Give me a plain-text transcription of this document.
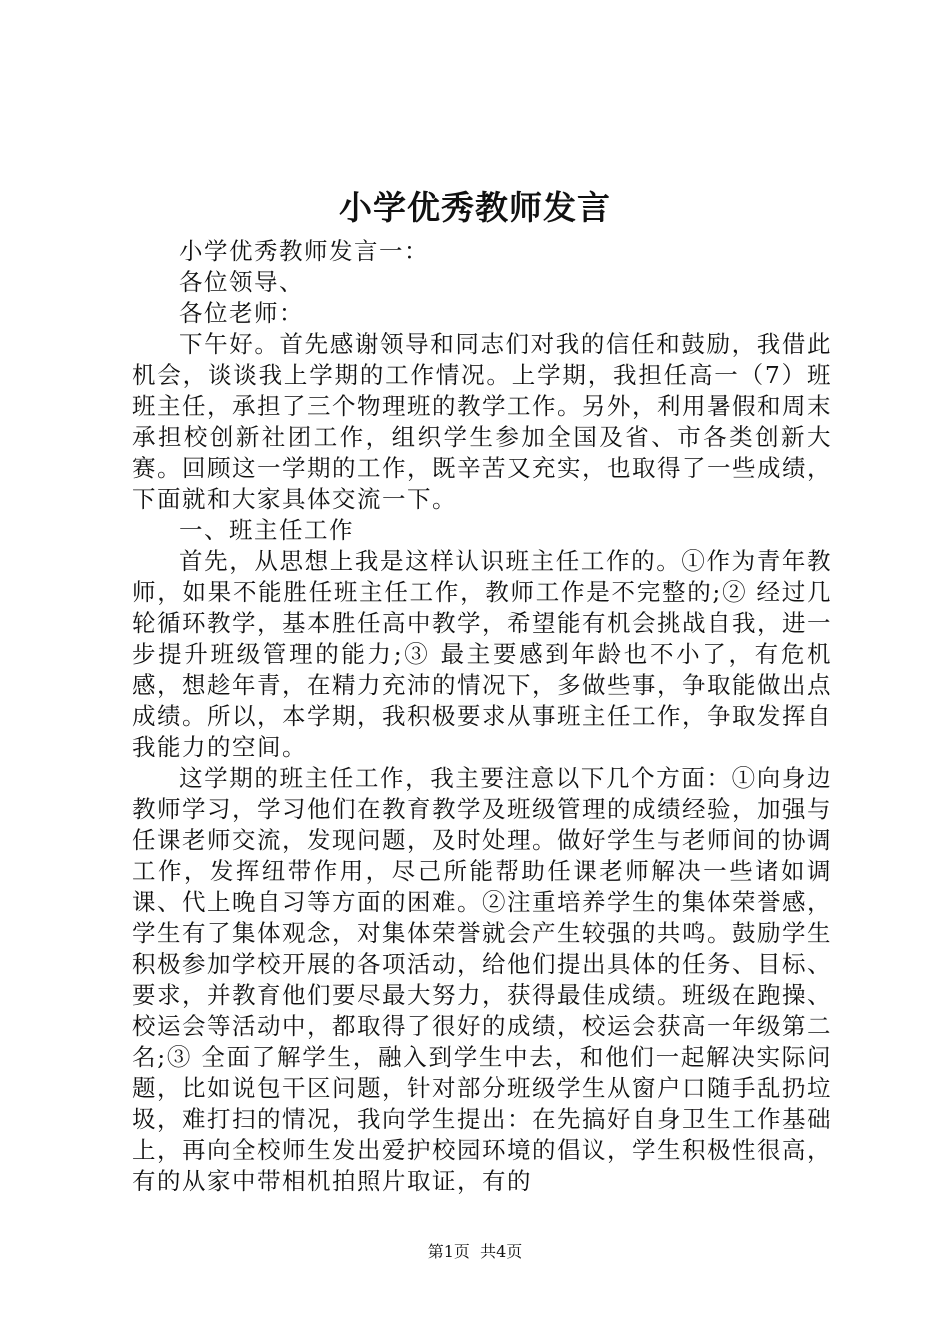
小学优秀教师发言

小学优秀教师发言一：

各位领导、

各位老师：

下午好。首先感谢领导和同志们对我的信任和鼓励，我借此机会，谈谈我上学期的工作情况。上学期，我担任高一（7）班班主任，承担了三个物理班的教学工作。另外，利用暑假和周末承担校创新社团工作，组织学生参加全国及省、市各类创新大赛。回顾这一学期的工作，既辛苦又充实，也取得了一些成绩，下面就和大家具体交流一下。

一、班主任工作

首先，从思想上我是这样认识班主任工作的。①作为青年教师，如果不能胜任班主任工作，教师工作是不完整的;② 经过几轮循环教学，基本胜任高中教学，希望能有机会挑战自我，进一步提升班级管理的能力;③ 最主要感到年龄也不小了，有危机感，想趁年青，在精力充沛的情况下，多做些事，争取能做出点成绩。所以，本学期，我积极要求从事班主任工作，争取发挥自我能力的空间。

这学期的班主任工作，我主要注意以下几个方面：①向身边教师学习，学习他们在教育教学及班级管理的成绩经验，加强与任课老师交流，发现问题，及时处理。做好学生与老师间的协调工作，发挥纽带作用，尽己所能帮助任课老师解决一些诸如调课、代上晚自习等方面的困难。②注重培养学生的集体荣誉感，学生有了集体观念，对集体荣誉就会产生较强的共鸣。鼓励学生积极参加学校开展的各项活动，给他们提出具体的任务、目标、要求，并教育他们要尽最大努力，获得最佳成绩。班级在跑操、校运会等活动中，都取得了很好的成绩，校运会获高一年级第二名;③ 全面了解学生，融入到学生中去，和他们一起解决实际问题，比如说包干区问题，针对部分班级学生从窗户口随手乱扔垃圾，难打扫的情况，我向学生提出：在先搞好自身卫生工作基础上，再向全校师生发出爱护校园环境的倡议，学生积极性很高，有的从家中带相机拍照片取证，有的

第1页  共4页
